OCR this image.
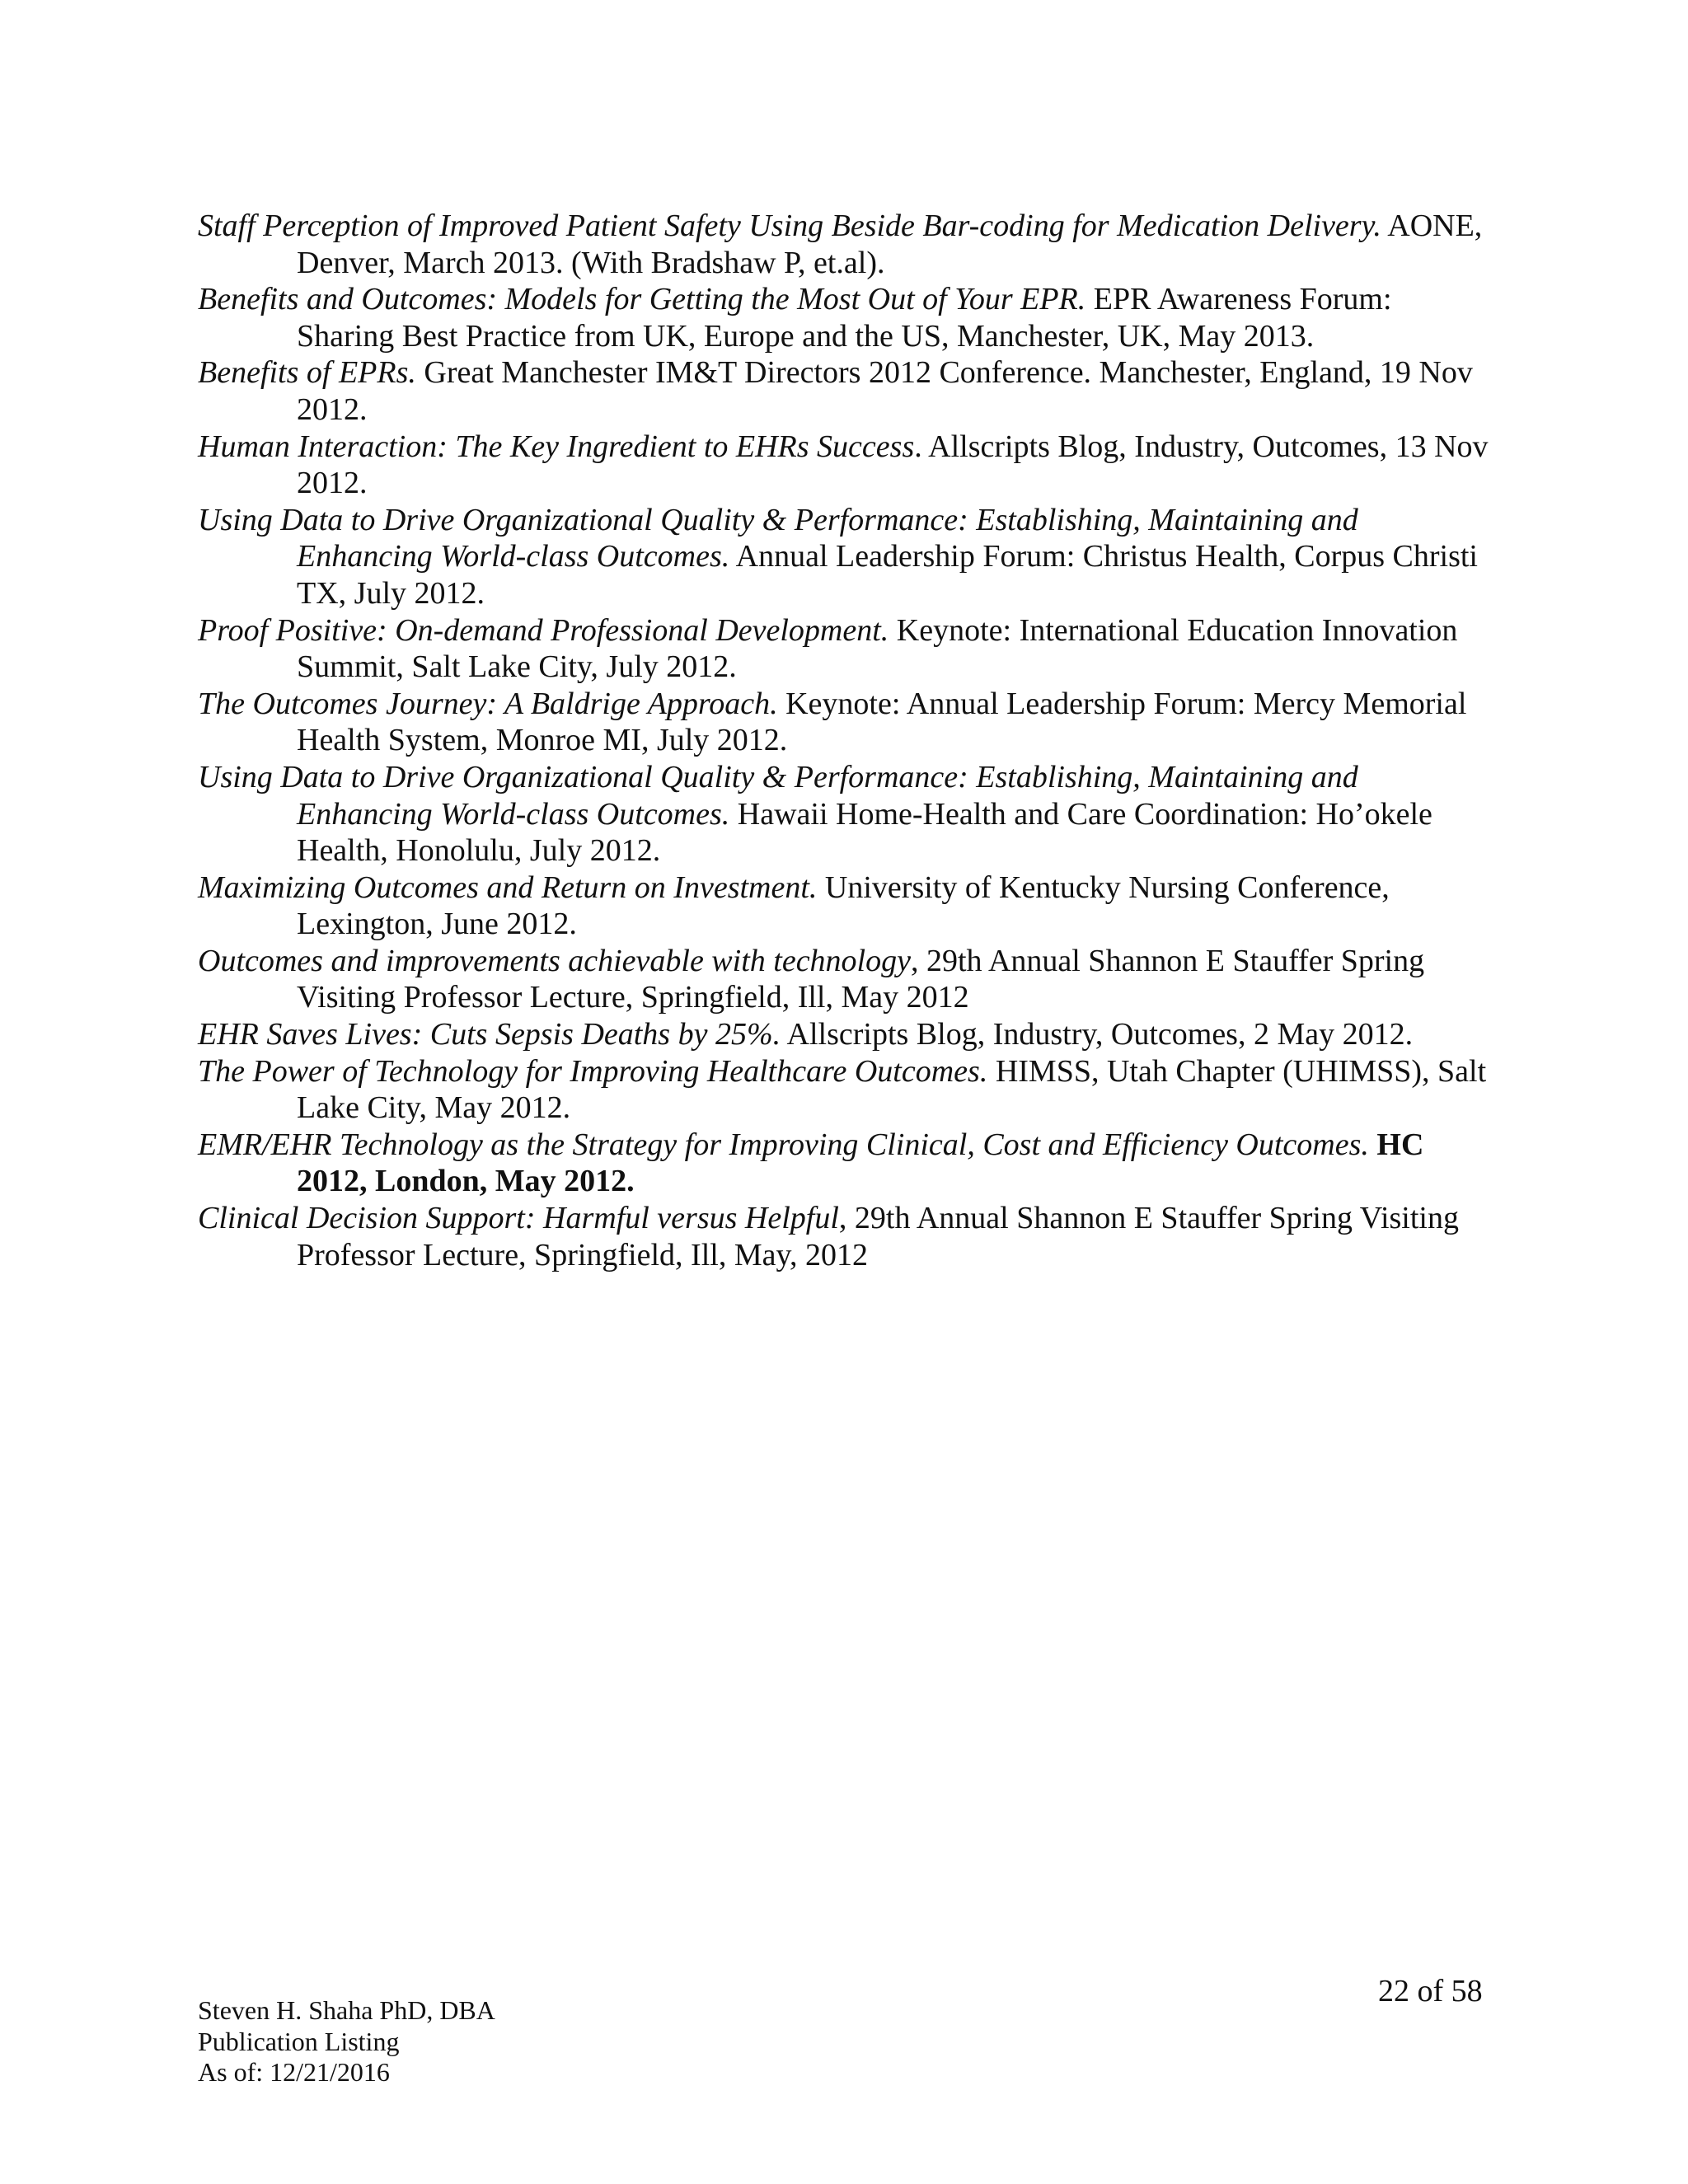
Staff Perception of Improved Patient Safety Using Beside Bar-coding for Medication Delivery. AONE, Denver, March 2013. (With Bradshaw P, et.al).
Benefits and Outcomes: Models for Getting the Most Out of Your EPR. EPR Awareness Forum: Sharing Best Practice from UK, Europe and the US, Manchester, UK, May 2013.
Benefits of EPRs. Great Manchester IM&T Directors 2012 Conference. Manchester, England, 19 Nov 2012.
Human Interaction: The Key Ingredient to EHRs Success. Allscripts Blog, Industry, Outcomes, 13 Nov 2012.
Using Data to Drive Organizational Quality & Performance: Establishing, Maintaining and Enhancing World-class Outcomes. Annual Leadership Forum: Christus Health, Corpus Christi TX, July 2012.
Proof Positive: On-demand Professional Development. Keynote: International Education Innovation Summit, Salt Lake City, July 2012.
The Outcomes Journey: A Baldrige Approach. Keynote: Annual Leadership Forum: Mercy Memorial Health System, Monroe MI, July 2012.
Using Data to Drive Organizational Quality & Performance: Establishing, Maintaining and Enhancing World-class Outcomes. Hawaii Home-Health and Care Coordination: Ho’okele Health, Honolulu, July 2012.
Maximizing Outcomes and Return on Investment. University of Kentucky Nursing Conference, Lexington, June 2012.
Outcomes and improvements achievable with technology, 29th Annual Shannon E Stauffer Spring Visiting Professor Lecture, Springfield, Ill, May 2012
EHR Saves Lives: Cuts Sepsis Deaths by 25%. Allscripts Blog, Industry, Outcomes, 2 May 2012.
The Power of Technology for Improving Healthcare Outcomes. HIMSS, Utah Chapter (UHIMSS), Salt Lake City, May 2012.
EMR/EHR Technology as the Strategy for Improving Clinical, Cost and Efficiency Outcomes. HC 2012, London, May 2012.
Clinical Decision Support: Harmful versus Helpful, 29th Annual Shannon E Stauffer Spring Visiting Professor Lecture, Springfield, Ill, May, 2012
22 of 58
Steven H. Shaha PhD, DBA
Publication Listing
As of: 12/21/2016
